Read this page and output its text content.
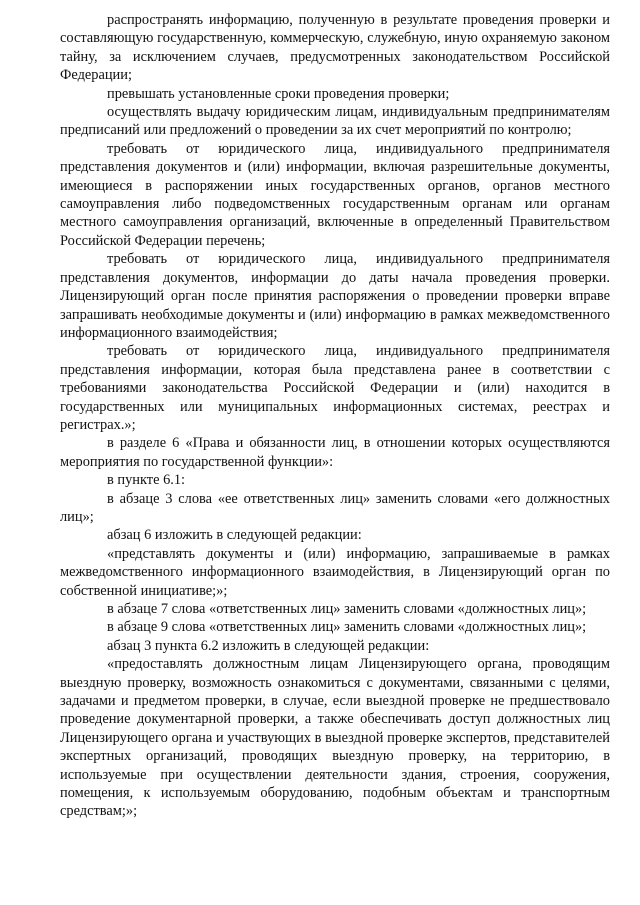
распространять информацию, полученную в результате проведения проверки и составляющую государственную, коммерческую, служебную, иную охраняемую законом тайну, за исключением случаев, предусмотренных законодательством Российской Федерации;

превышать установленные сроки проведения проверки;

осуществлять выдачу юридическим лицам, индивидуальным предпринимателям предписаний или предложений о проведении за их счет мероприятий по контролю;

требовать от юридического лица, индивидуального предпринимателя представления документов и (или) информации, включая разрешительные документы, имеющиеся в распоряжении иных государственных органов, органов местного самоуправления либо подведомственных государственным органам или органам местного самоуправления организаций, включенные в определенный Правительством Российской Федерации перечень;

требовать от юридического лица, индивидуального предпринимателя представления документов, информации до даты начала проведения проверки. Лицензирующий орган после принятия распоряжения о проведении проверки вправе запрашивать необходимые документы и (или) информацию в рамках межведомственного информационного взаимодействия;

требовать от юридического лица, индивидуального предпринимателя представления информации, которая была представлена ранее в соответствии с требованиями законодательства Российской Федерации и (или) находится в государственных или муниципальных информационных системах, реестрах и регистрах.»;

в разделе 6 «Права и обязанности лиц, в отношении которых осуществляются мероприятия по государственной функции»:

в пункте 6.1:

в абзаце 3 слова «ее ответственных лиц» заменить словами «его должностных лиц»;

абзац 6 изложить в следующей редакции:

«представлять документы и (или) информацию, запрашиваемые в рамках межведомственного информационного взаимодействия, в Лицензирующий орган по собственной инициативе;»;

в абзаце 7 слова «ответственных лиц» заменить словами «должностных лиц»;

в абзаце 9 слова «ответственных лиц» заменить словами «должностных лиц»;

абзац 3 пункта 6.2 изложить в следующей редакции:

«предоставлять должностным лицам Лицензирующего органа, проводящим выездную проверку, возможность ознакомиться с документами, связанными с целями, задачами и предметом проверки, в случае, если выездной проверке не предшествовало проведение документарной проверки, а также обеспечивать доступ должностных лиц Лицензирующего органа и участвующих в выездной проверке экспертов, представителей экспертных организаций, проводящих выездную проверку, на территорию, в используемые при осуществлении деятельности здания, строения, сооружения, помещения, к используемым оборудованию, подобным объектам и транспортным средствам;»;
